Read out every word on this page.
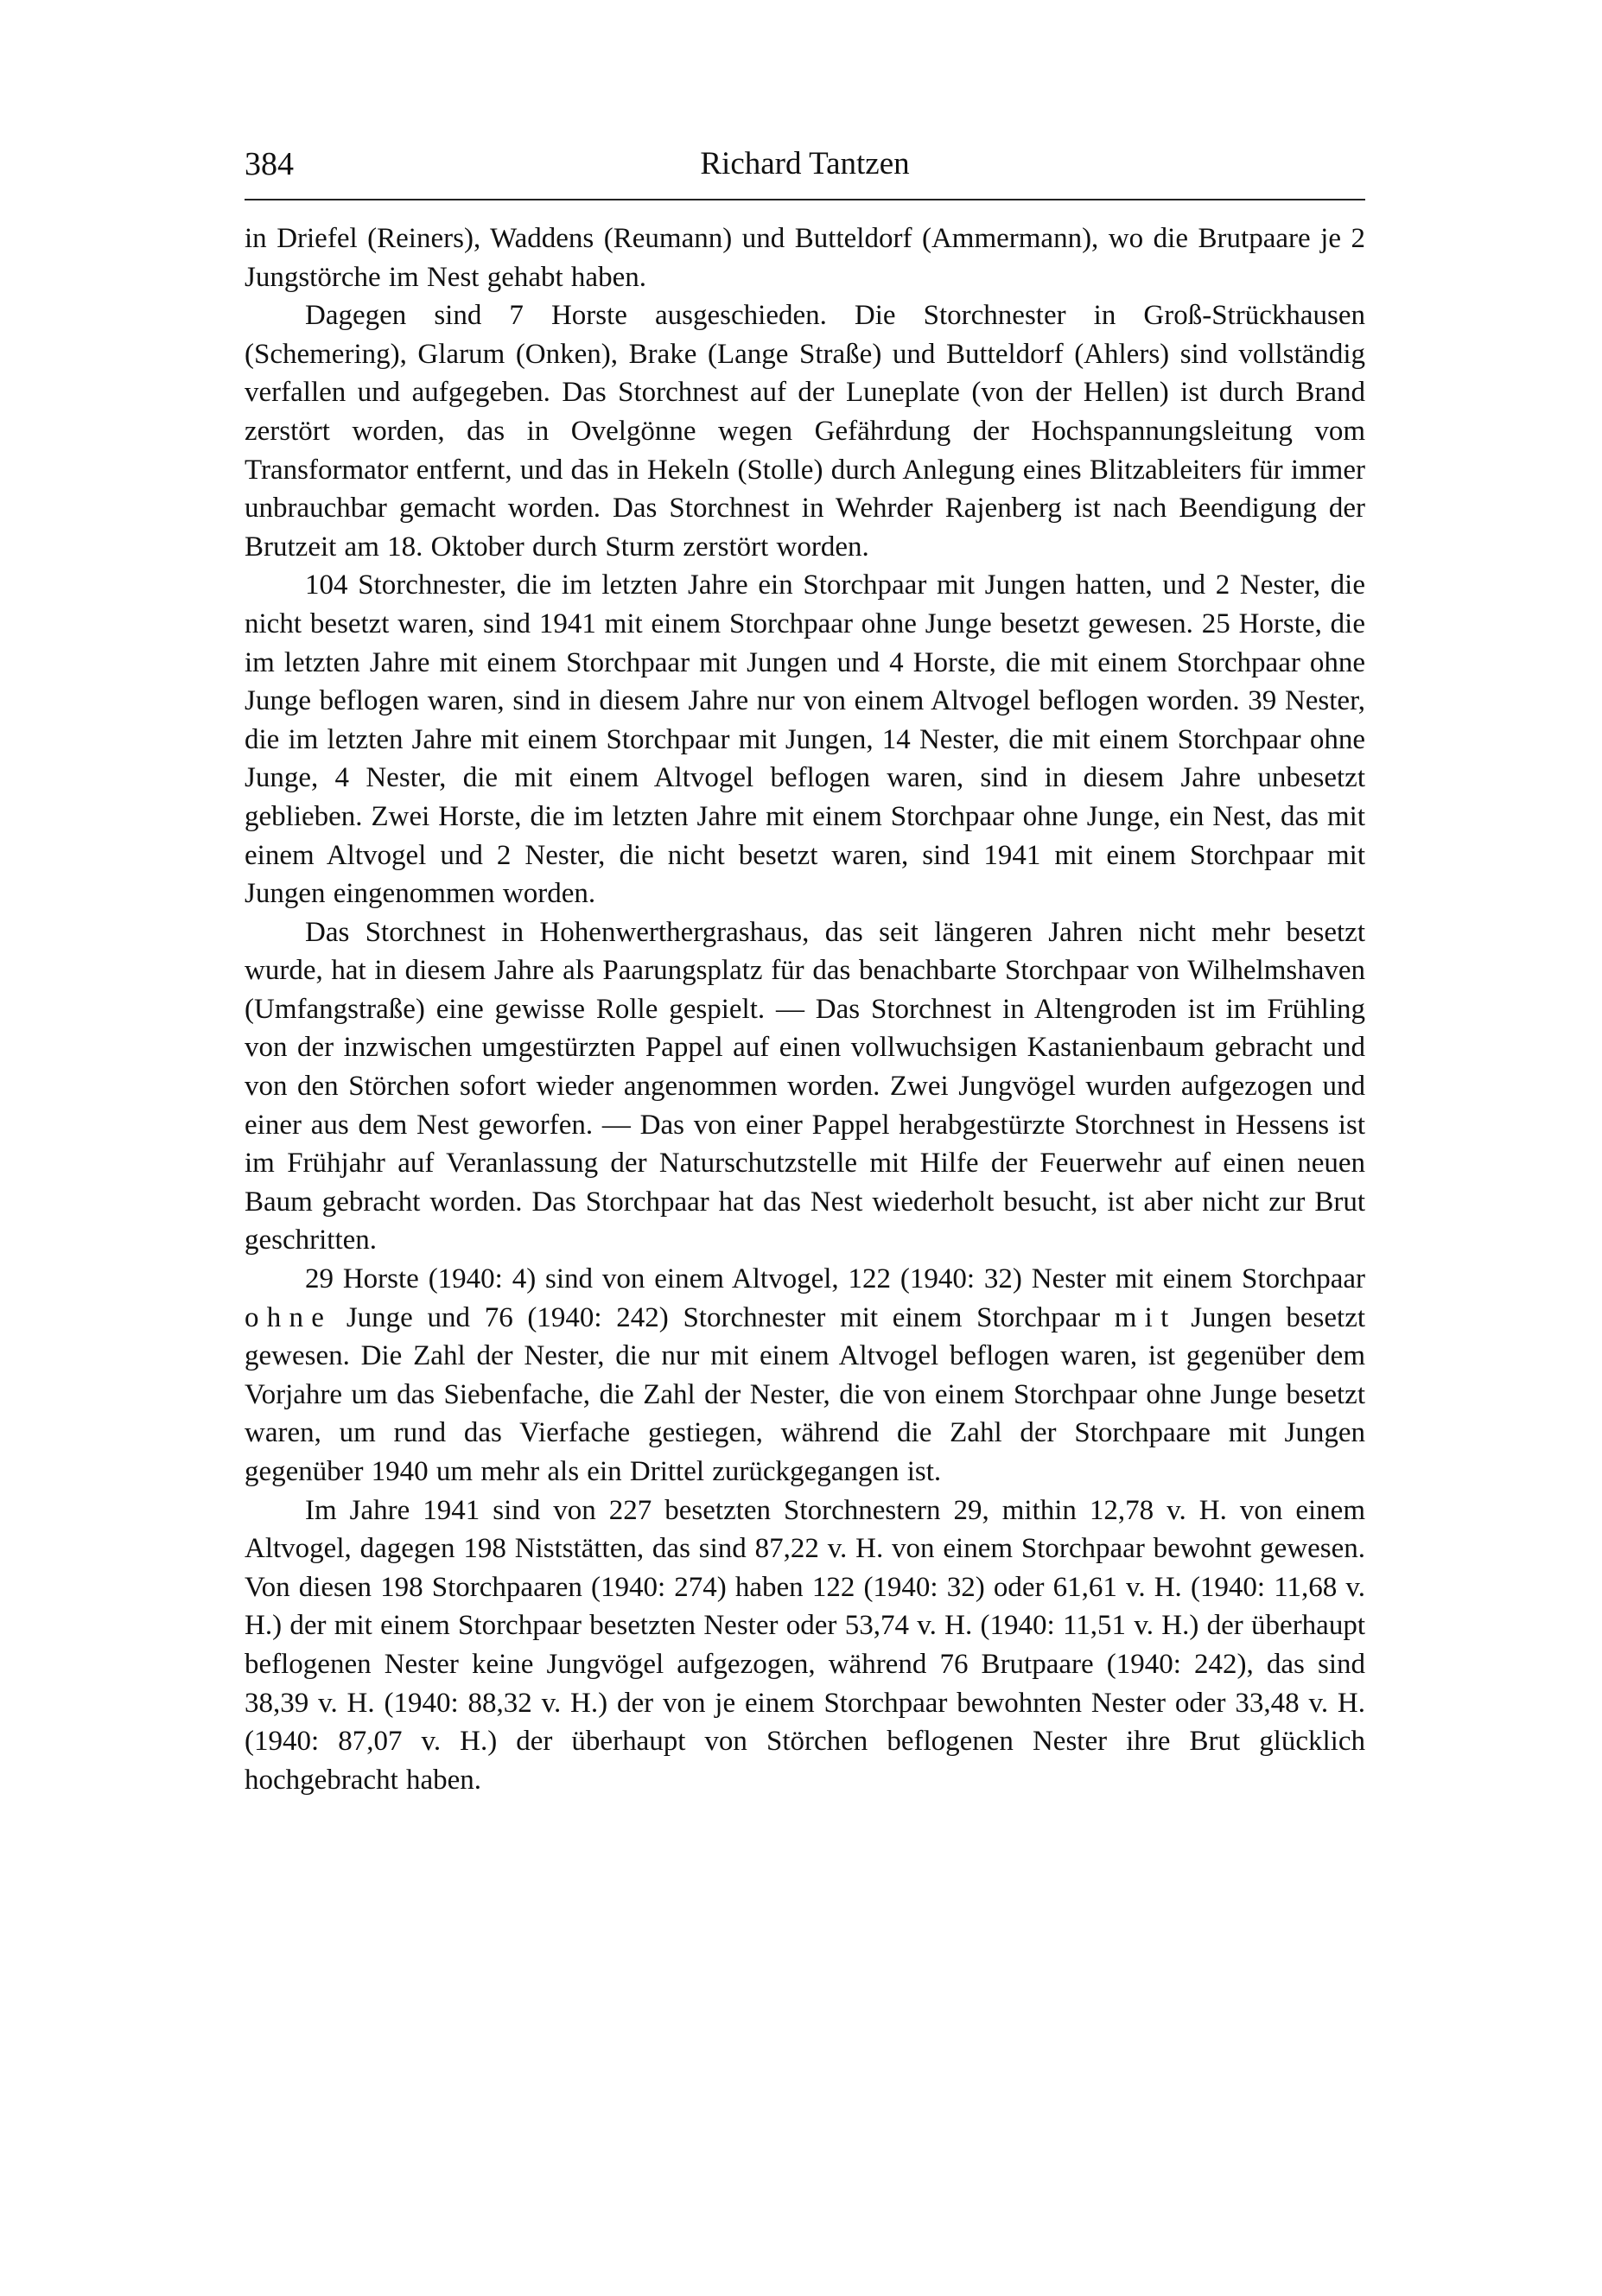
384	Richard Tantzen

in Driefel (Reiners), Waddens (Reumann) und Butteldorf (Ammermann), wo die Brutpaare je 2 Jungstörche im Nest gehabt haben.

Dagegen sind 7 Horste ausgeschieden. Die Storchnester in Groß-Strückhausen (Schemering), Glarum (Onken), Brake (Lange Straße) und Butteldorf (Ahlers) sind vollständig verfallen und aufgegeben. Das Storchnest auf der Luneplate (von der Hellen) ist durch Brand zerstört worden, das in Ovelgönne wegen Gefährdung der Hochspannungsleitung vom Transformator entfernt, und das in Hekeln (Stolle) durch Anlegung eines Blitzableiters für immer unbrauchbar gemacht worden. Das Storchnest in Wehrder Rajenberg ist nach Beendigung der Brutzeit am 18. Oktober durch Sturm zerstört worden.

104 Storchnester, die im letzten Jahre ein Storchpaar mit Jungen hatten, und 2 Nester, die nicht besetzt waren, sind 1941 mit einem Storchpaar ohne Junge besetzt gewesen. 25 Horste, die im letzten Jahre mit einem Storchpaar mit Jungen und 4 Horste, die mit einem Storchpaar ohne Junge beflogen waren, sind in diesem Jahre nur von einem Altvogel beflogen worden. 39 Nester, die im letzten Jahre mit einem Storchpaar mit Jungen, 14 Nester, die mit einem Storchpaar ohne Junge, 4 Nester, die mit einem Altvogel beflogen waren, sind in diesem Jahre unbesetzt geblieben. Zwei Horste, die im letzten Jahre mit einem Storchpaar ohne Junge, ein Nest, das mit einem Altvogel und 2 Nester, die nicht besetzt waren, sind 1941 mit einem Storchpaar mit Jungen eingenommen worden.

Das Storchnest in Hohenwerthergrashaus, das seit längeren Jahren nicht mehr besetzt wurde, hat in diesem Jahre als Paarungsplatz für das benachbarte Storchpaar von Wilhelmshaven (Umfangstraße) eine gewisse Rolle gespielt. — Das Storchnest in Altengroden ist im Frühling von der inzwischen umgestürzten Pappel auf einen vollwuchsigen Kastanienbaum gebracht und von den Störchen sofort wieder angenommen worden. Zwei Jungvögel wurden aufgezogen und einer aus dem Nest geworfen. — Das von einer Pappel herabgestürzte Storchnest in Hessens ist im Frühjahr auf Veranlassung der Naturschutzstelle mit Hilfe der Feuerwehr auf einen neuen Baum gebracht worden. Das Storchpaar hat das Nest wiederholt besucht, ist aber nicht zur Brut geschritten.

29 Horste (1940: 4) sind von einem Altvogel, 122 (1940: 32) Nester mit einem Storchpaar ohne Junge und 76 (1940: 242) Storchnester mit einem Storchpaar mit Jungen besetzt gewesen. Die Zahl der Nester, die nur mit einem Altvogel beflogen waren, ist gegenüber dem Vorjahre um das Siebenfache, die Zahl der Nester, die von einem Storchpaar ohne Junge besetzt waren, um rund das Vierfache gestiegen, während die Zahl der Storchpaare mit Jungen gegenüber 1940 um mehr als ein Drittel zurückgegangen ist.

Im Jahre 1941 sind von 227 besetzten Storchnestern 29, mithin 12,78 v. H. von einem Altvogel, dagegen 198 Niststätten, das sind 87,22 v. H. von einem Storchpaar bewohnt gewesen. Von diesen 198 Storchpaaren (1940: 274) haben 122 (1940: 32) oder 61,61 v. H. (1940: 11,68 v. H.) der mit einem Storchpaar besetzten Nester oder 53,74 v. H. (1940: 11,51 v. H.) der überhaupt beflogenen Nester keine Jungvögel aufgezogen, während 76 Brutpaare (1940: 242), das sind 38,39 v. H. (1940: 88,32 v. H.) der von je einem Storchpaar bewohnten Nester oder 33,48 v. H. (1940: 87,07 v. H.) der überhaupt von Störchen beflogenen Nester ihre Brut glücklich hochgebracht haben.
